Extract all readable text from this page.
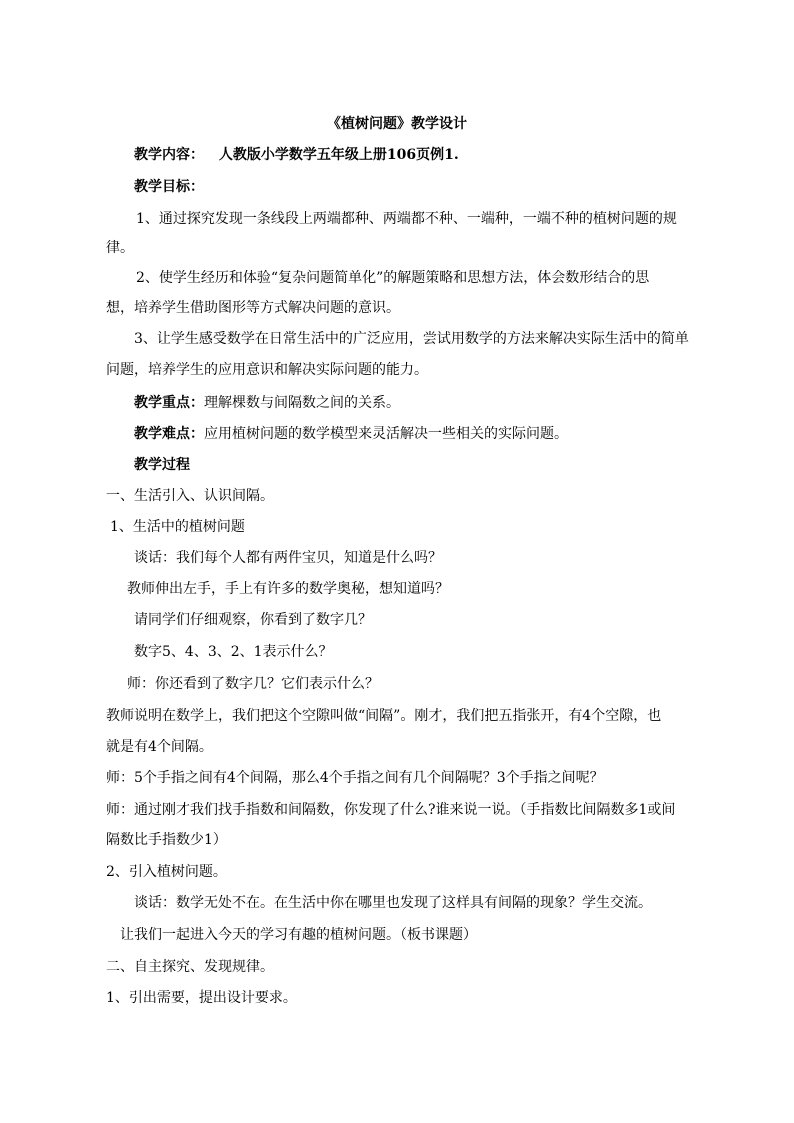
《植树问题》教学设计
教学内容： 人教版小学数学五年级上册106页例1.
教学目标：
1、通过探究发现一条线段上两端都种、两端都不种、一端种，一端不种的植树问题的规
律。
2、使学生经历和体验“复杂问题简单化”的解题策略和思想方法，体会数形结合的思
想，培养学生借助图形等方式解决问题的意识。
3、让学生感受数学在日常生活中的广泛应用，尝试用数学的方法来解决实际生活中的简单
问题，培养学生的应用意识和解决实际问题的能力。
教学重点：理解棵数与间隔数之间的关系。
教学难点：应用植树问题的数学模型来灵活解决一些相关的实际问题。
教学过程
一、生活引入、认识间隔。
1、生活中的植树问题
谈话：我们每个人都有两件宝贝，知道是什么吗？
教师伸出左手，手上有许多的数学奥秘，想知道吗？
请同学们仔细观察，你看到了数字几？
数字5、4、3、2、1表示什么？
师：你还看到了数字几？它们表示什么？
教师说明在数学上，我们把这个空隙叫做“间隔”。刚才，我们把五指张开，有4个空隙，也
就是有4个间隔。
师：5个手指之间有4个间隔，那么4个手指之间有几个间隔呢？3个手指之间呢？
师：通过刚才我们找手指数和间隔数，你发现了什么?谁来说一说。（手指数比间隔数多1或间
隔数比手指数少1）
2、引入植树问题。
谈话：数学无处不在。在生活中你在哪里也发现了这样具有间隔的现象？学生交流。
让我们一起进入今天的学习有趣的植树问题。（板书课题）
二、自主探究、发现规律。
1、引出需要，提出设计要求。
